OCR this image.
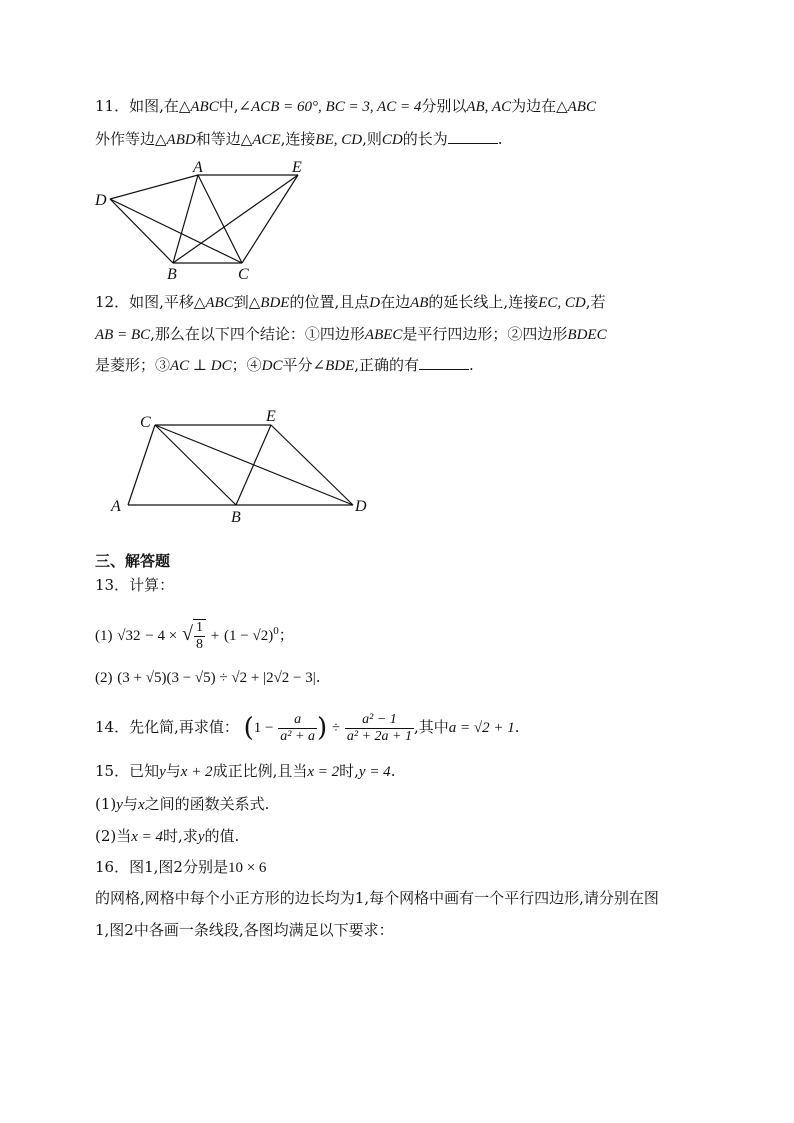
11．如图,在△ABC中,∠ACB = 60°, BC = 3, AC = 4分别以AB, AC为边在△ABC
外作等边△ABD和等边△ACE,连接BE, CD,则CD的长为	.
A	E
D
B	C
12．如图,平移△ABC到△BDE的位置,且点D在边AB的延长线上,连接EC, CD,若
AB = BC,那么在以下四个结论：①四边形ABEC是平行四边形；②四边形BDEC
是菱形；③AC ⊥ DC；④DC平分∠BDE,正确的有	.
C	E
A
B
D
三、解答题
13．计算：
(1) √32 − 4 × √ $\frac{1}{8} + (1 - √2)^0$；
(2) (3 + √5)(3 − √5) ÷ √2 + |2√2 − 3|.
14．先化简,再求值： ($1 - \frac{a}{\text{a² + a}}$ ) ÷ $\frac{\text{a² − 1}}{\text{a² + 2a + 1}}$ ,其中a = √2 + 1.
15．已知y与x + 2成正比例,且当x = 2时,y = 4.
(1)y与x之间的函数关系式.
(2)当x = 4时,求y的值.
16．图1,图2分别是10 × 6
的网格,网格中每个小正方形的边长均为1,每个网格中画有一个平行四边形,请分别在图
1,图2中各画一条线段,各图均满足以下要求：
